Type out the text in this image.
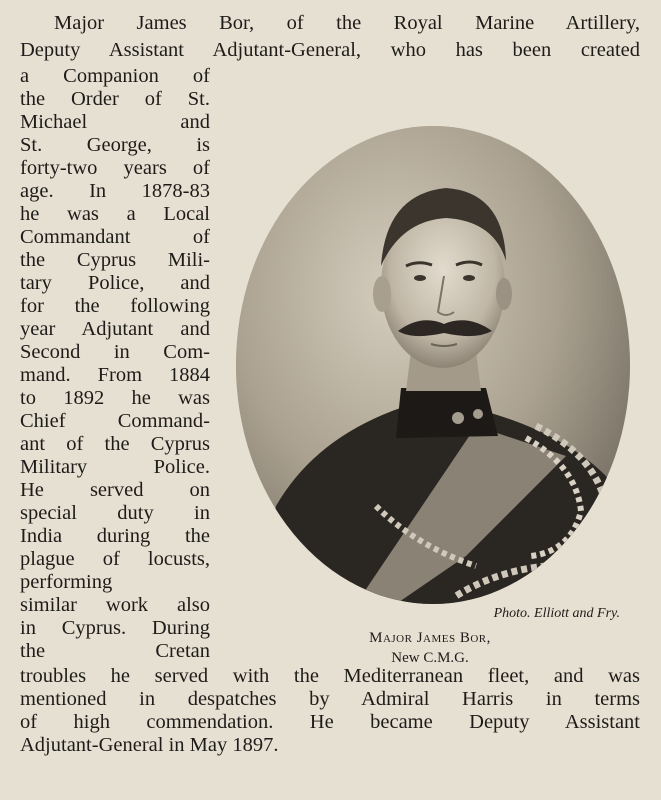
Major James Bor, of the Royal Marine Artillery,
Deputy Assistant Adjutant-General, who has been created
a Companion of
the Order of St.
Michael and
St. George, is
forty-two years of
age. In 1878-83
he was a Local
Commandant of
the Cyprus Mili-
tary Police, and
for the following
year Adjutant and
Second in Com-
mand. From 1884
to 1892 he was
Chief Command-
ant of the Cyprus
Military Police.
He served on
special duty in
India during the
plague of locusts,
performing
similar work also
in Cyprus. During
the Cretan
troubles he served with the Mediterranean fleet, and was
mentioned in despatches by Admiral Harris in terms
of high commendation. He became Deputy Assistant
Adjutant-General in May 1897.
Photo. Elliott and Fry.
Major James Bor,
New C.M.G.
